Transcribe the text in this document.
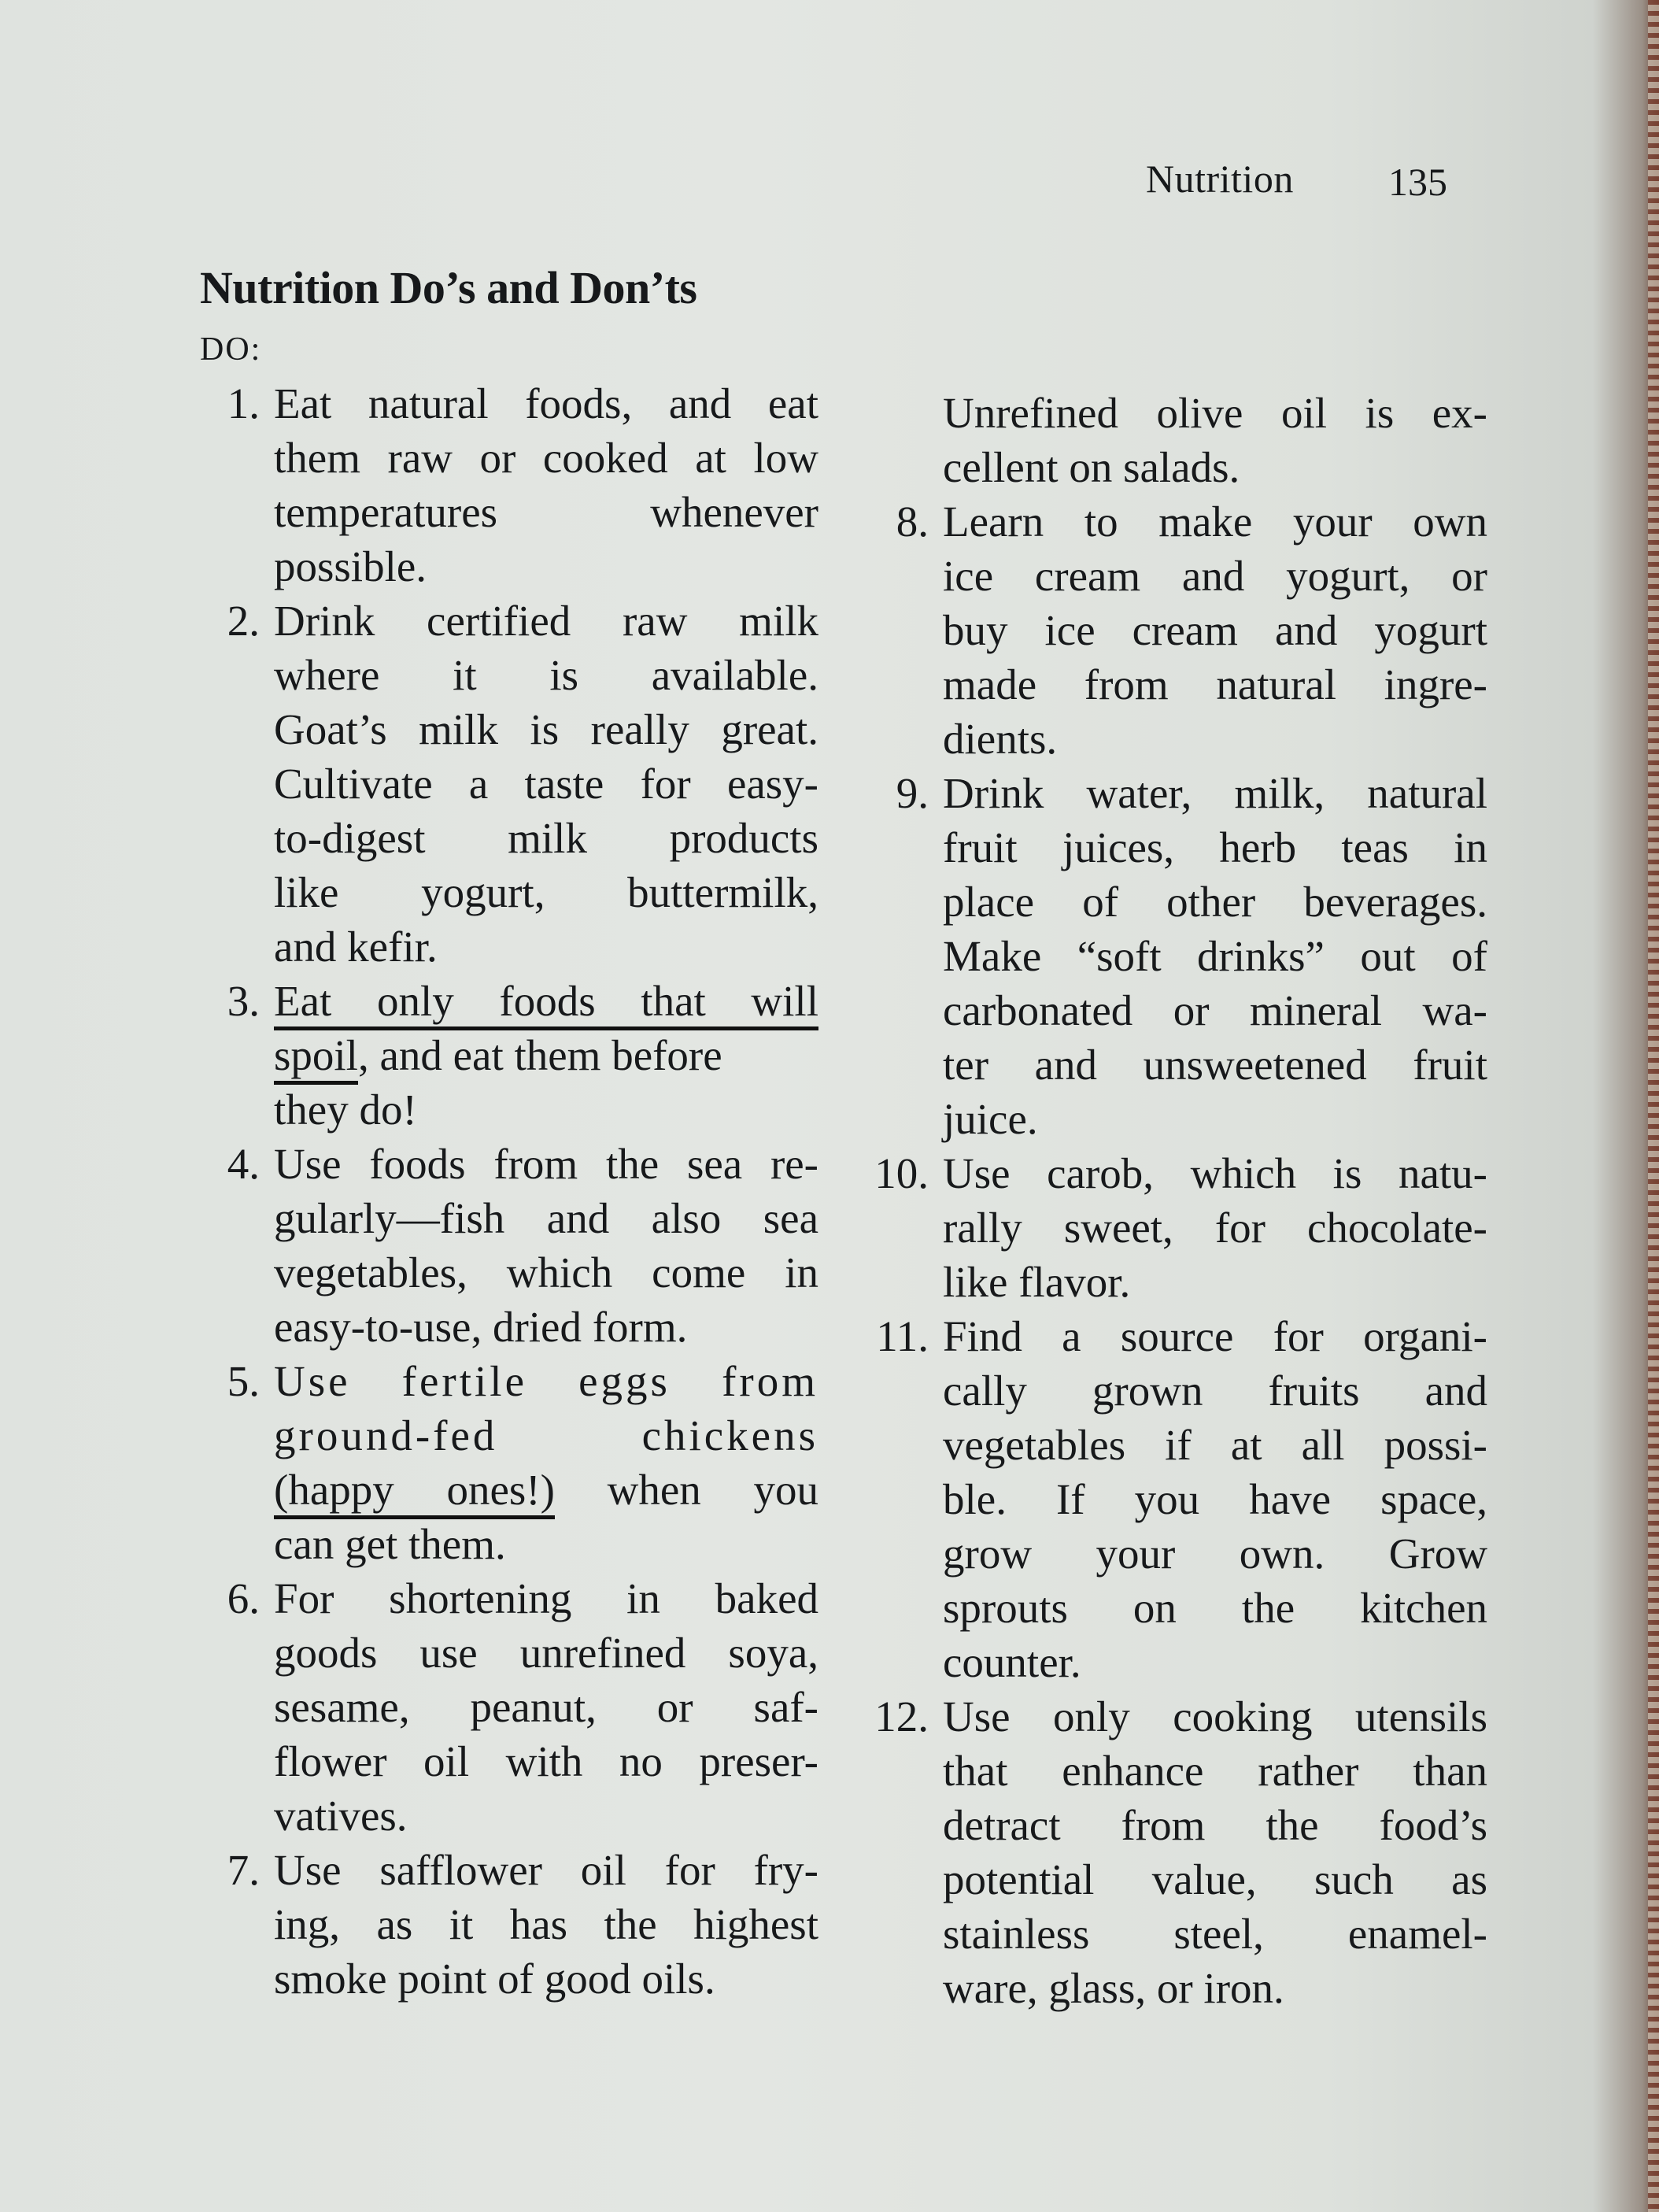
Nutrition 135
Nutrition Do’s and Don’ts
DO:
1. Eat natural foods, and eat
them raw or cooked at low
temperatures whenever
possible.
2. Drink certified raw milk
where it is available.
Goat’s milk is really great.
Cultivate a taste for easy-
to-digest milk products
like yogurt, buttermilk,
and kefir.
3. Eat only foods that will
spoil, and eat them before
they do!
4. Use foods from the sea re-
gularly—fish and also sea
vegetables, which come in
easy-to-use, dried form.
5. Use fertile eggs from
ground-fed chickens
(happy ones!) when you
can get them.
6. For shortening in baked
goods use unrefined soya,
sesame, peanut, or saf-
flower oil with no preser-
vatives.
7. Use safflower oil for fry-
ing, as it has the highest
smoke point of good oils.
Unrefined olive oil is ex-
cellent on salads.
8. Learn to make your own
ice cream and yogurt, or
buy ice cream and yogurt
made from natural ingre-
dients.
9. Drink water, milk, natural
fruit juices, herb teas in
place of other beverages.
Make “soft drinks” out of
carbonated or mineral wa-
ter and unsweetened fruit
juice.
10. Use carob, which is natu-
rally sweet, for chocolate-
like flavor.
11. Find a source for organi-
cally grown fruits and
vegetables if at all possi-
ble. If you have space,
grow your own. Grow
sprouts on the kitchen
counter.
12. Use only cooking utensils
that enhance rather than
detract from the food’s
potential value, such as
stainless steel, enamel-
ware, glass, or iron.
